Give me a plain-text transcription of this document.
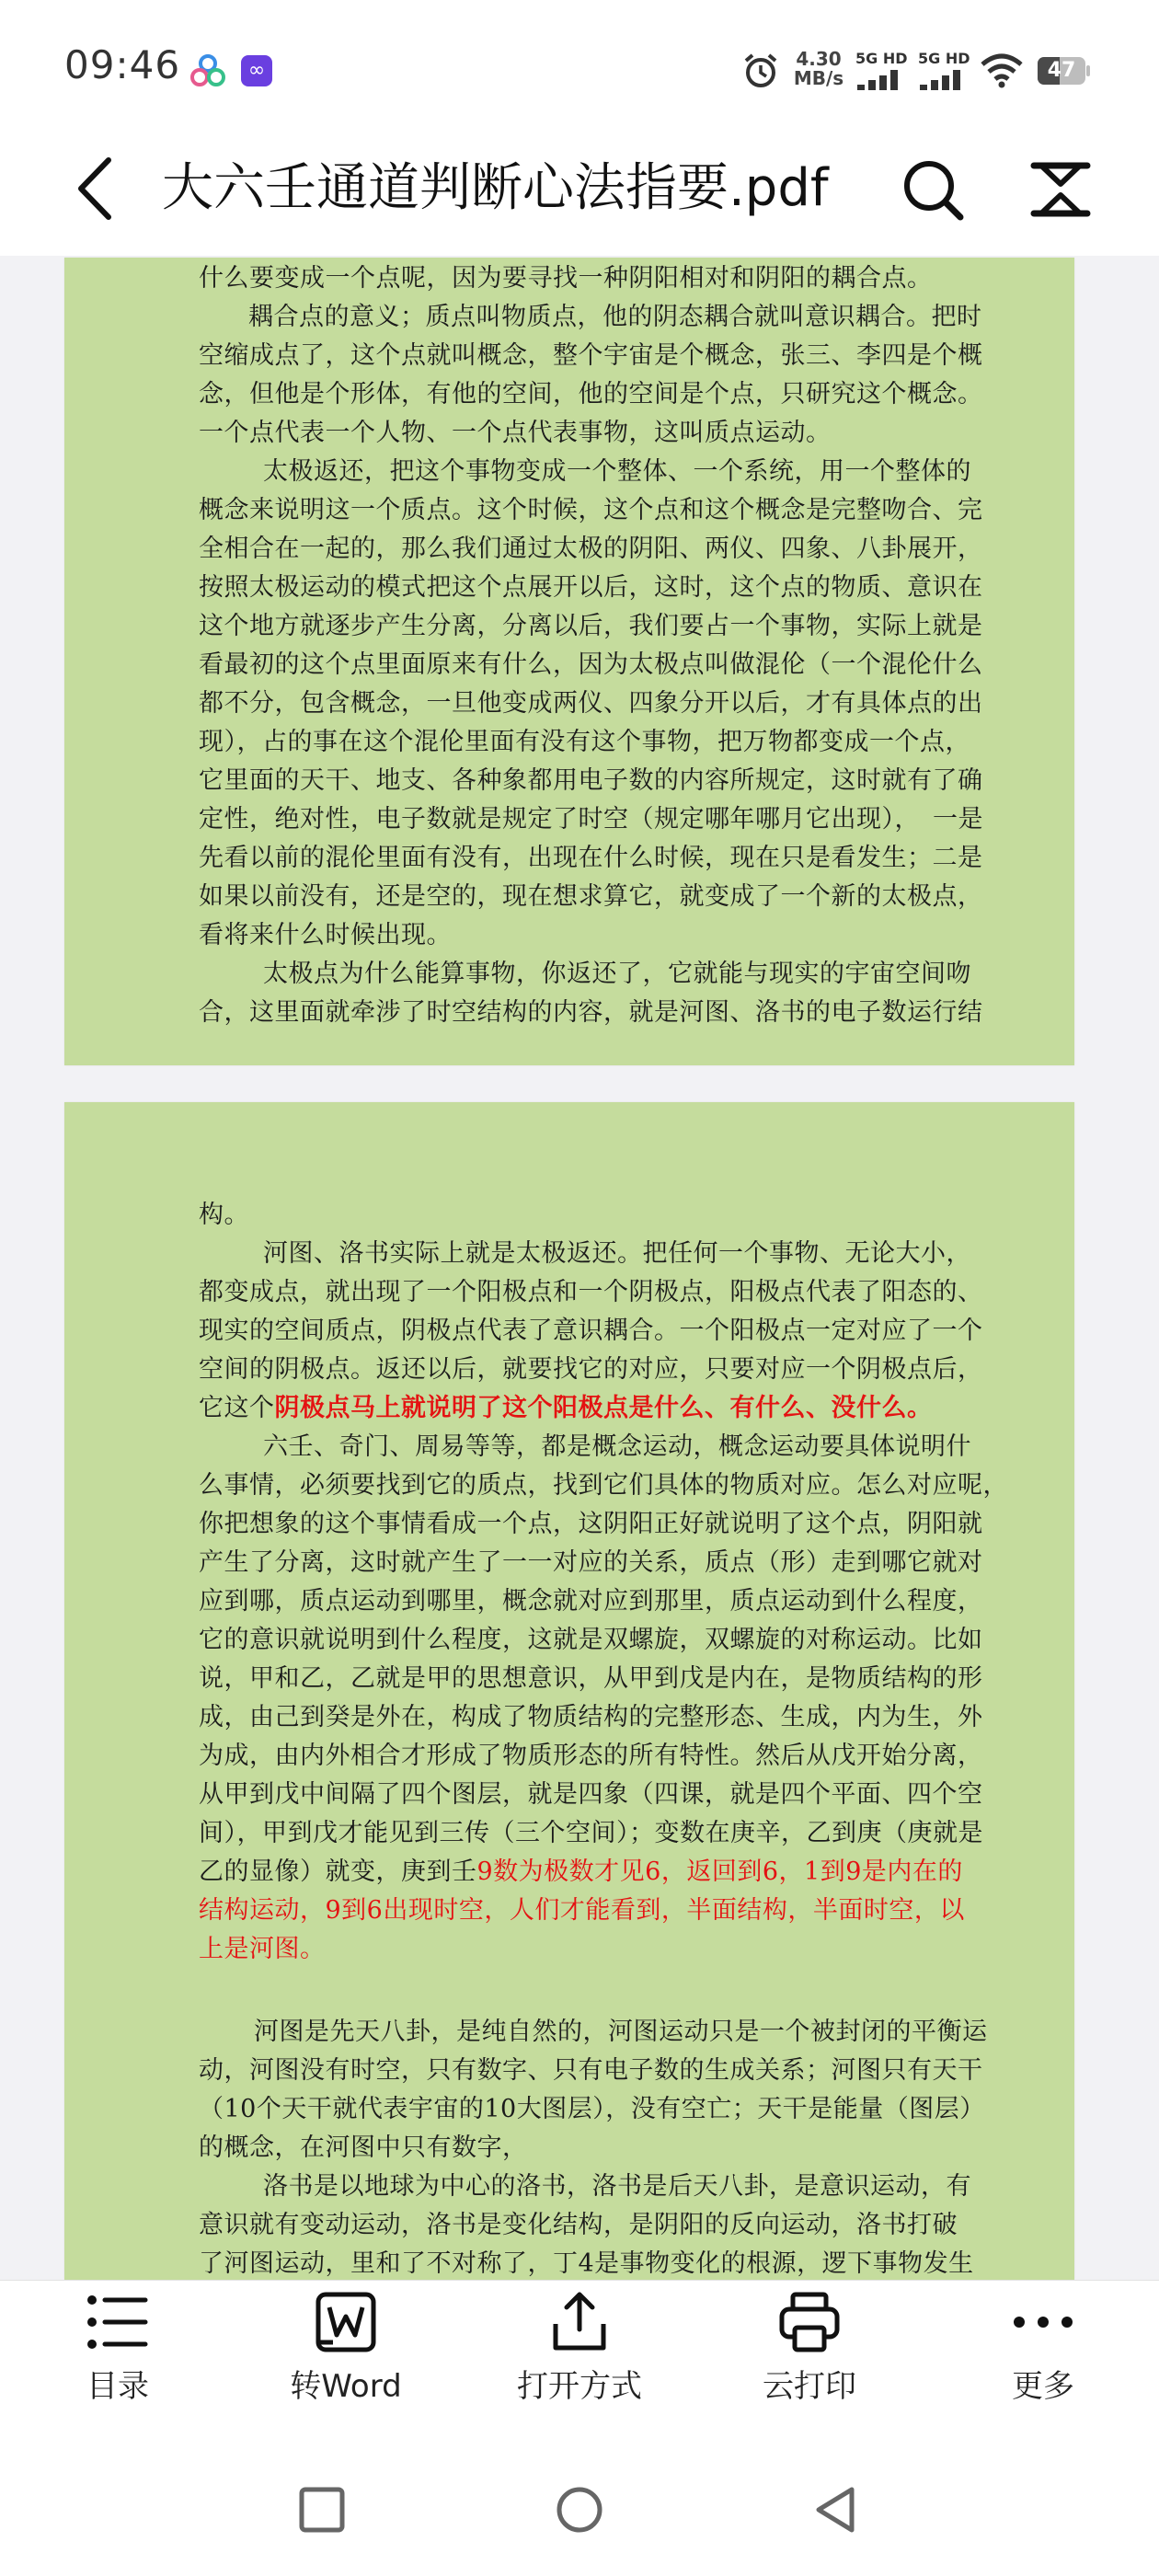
09:46	∞	4.30
MB/s
5G HD 5G HD
47
大六壬通道判断心法指要.pdf
什么要变成一个点呢，因为要寻找一种阴阳相对和阴阳的耦合点。
耦合点的意义；质点叫物质点，他的阴态耦合就叫意识耦合。把时
空缩成点了，这个点就叫概念，整个宇宙是个概念，张三、李四是个概
念，但他是个形体，有他的空间，他的空间是个点，只研究这个概念。
一个点代表一个人物、一个点代表事物，这叫质点运动。
太极返还，把这个事物变成一个整体、一个系统，用一个整体的
概念来说明这一个质点。这个时候，这个点和这个概念是完整吻合、完
全相合在一起的，那么我们通过太极的阴阳、两仪、四象、八卦展开，
按照太极运动的模式把这个点展开以后，这时，这个点的物质、意识在
这个地方就逐步产生分离，分离以后，我们要占一个事物，实际上就是
看最初的这个点里面原来有什么，因为太极点叫做混伦（一个混伦什么
都不分，包含概念，一旦他变成两仪、四象分开以后，才有具体点的出
现），占的事在这个混伦里面有没有这个事物，把万物都变成一个点，
它里面的天干、地支、各种象都用电子数的内容所规定，这时就有了确
定性，绝对性，电子数就是规定了时空（规定哪年哪月它出现），　一是
先看以前的混伦里面有没有，出现在什么时候，现在只是看发生；二是
如果以前没有，还是空的，现在想求算它，就变成了一个新的太极点，
看将来什么时候出现。
太极点为什么能算事物，你返还了，它就能与现实的宇宙空间吻
合，这里面就牵涉了时空结构的内容，就是河图、洛书的电子数运行结
构。
河图、洛书实际上就是太极返还。把任何一个事物、无论大小，
都变成点，就出现了一个阳极点和一个阴极点，阳极点代表了阳态的、
现实的空间质点，阴极点代表了意识耦合。一个阳极点一定对应了一个
空间的阴极点。返还以后，就要找它的对应，只要对应一个阴极点后，
它这个阴极点马上就说明了这个阳极点是什么、有什么、没什么。
六壬、奇门、周易等等，都是概念运动，概念运动要具体说明什
么事情，必须要找到它的质点，找到它们具体的物质对应。怎么对应呢，
你把想象的这个事情看成一个点，这阴阳正好就说明了这个点，阴阳就
产生了分离，这时就产生了一一对应的关系，质点（形）走到哪它就对
应到哪，质点运动到哪里，概念就对应到那里，质点运动到什么程度，
它的意识就说明到什么程度，这就是双螺旋，双螺旋的对称运动。比如
说，甲和乙，乙就是甲的思想意识，从甲到戊是内在，是物质结构的形
成，由己到癸是外在，构成了物质结构的完整形态、生成，内为生，外
为成，由内外相合才形成了物质形态的所有特性。然后从戊开始分离，
从甲到戊中间隔了四个图层，就是四象（四课，就是四个平面、四个空
间），甲到戊才能见到三传（三个空间）；变数在庚辛，乙到庚（庚就是
乙的显像）就变，庚到壬9数为极数才见6，返回到6，1到9是内在的
结构运动，9到6出现时空，人们才能看到，半面结构，半面时空，以
上是河图。
河图是先天八卦，是纯自然的，河图运动只是一个被封闭的平衡运
动，河图没有时空，只有数字、只有电子数的生成关系；河图只有天干
（10个天干就代表宇宙的10大图层），没有空亡；天干是能量（图层）
的概念，在河图中只有数字，
洛书是以地球为中心的洛书，洛书是后天八卦，是意识运动，有
意识就有变动运动，洛书是变化结构，是阴阳的反向运动，洛书打破
了河图运动，里和了不对称了，丁4是事物变化的根源，逻下事物发生
目录	转Word	打开方式	云打印	更多
